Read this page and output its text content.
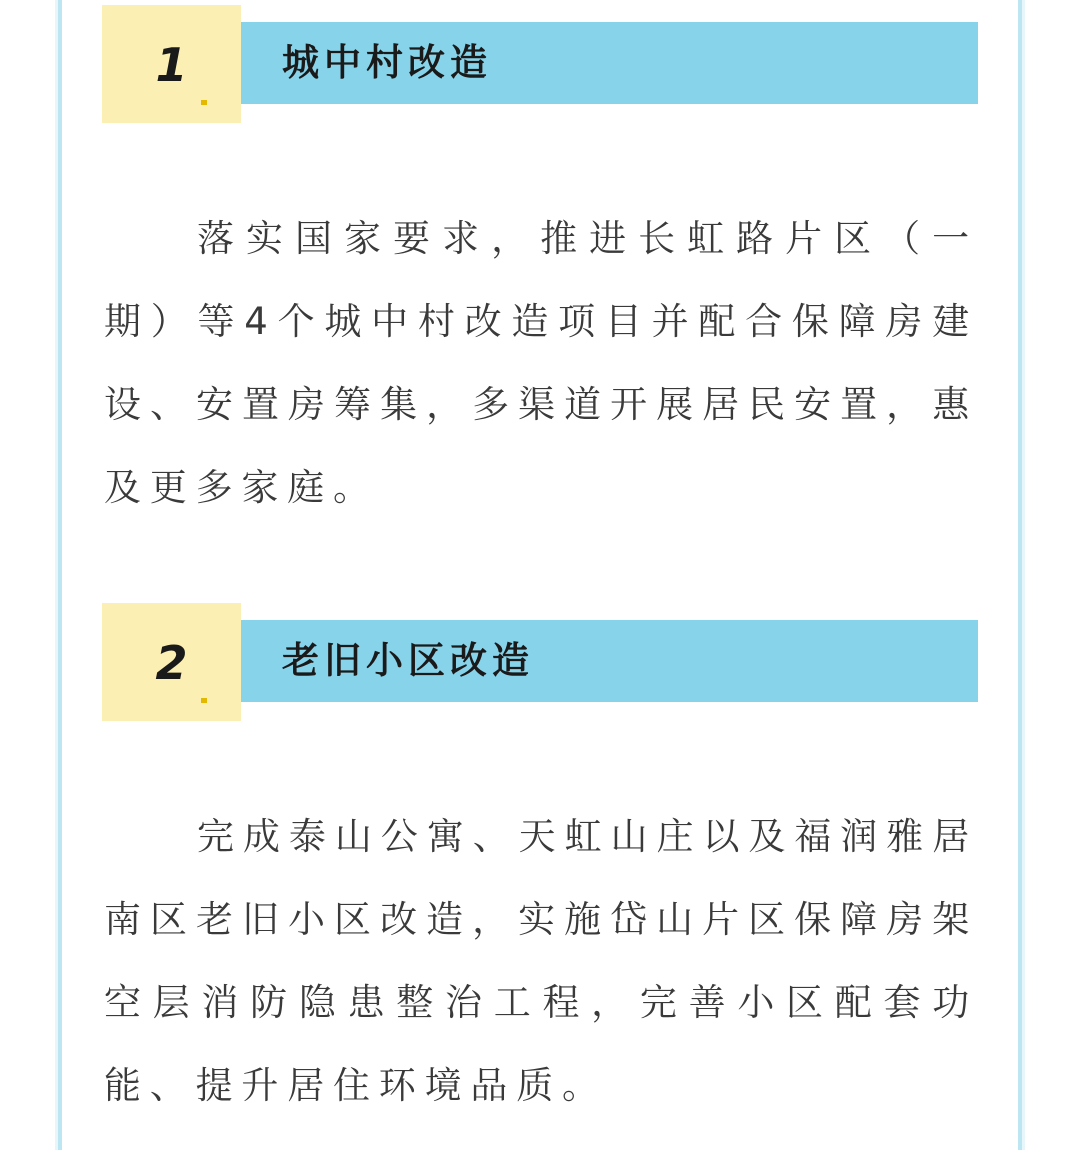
1	城中村改造

落实国家要求，推进长虹路片区（一期）等4个城中村改造项目并配合保障房建设、安置房筹集，多渠道开展居民安置，惠及更多家庭。

2	老旧小区改造

完成泰山公寓、天虹山庄以及福润雅居南区老旧小区改造，实施岱山片区保障房架空层消防隐患整治工程，完善小区配套功能、提升居住环境品质。
